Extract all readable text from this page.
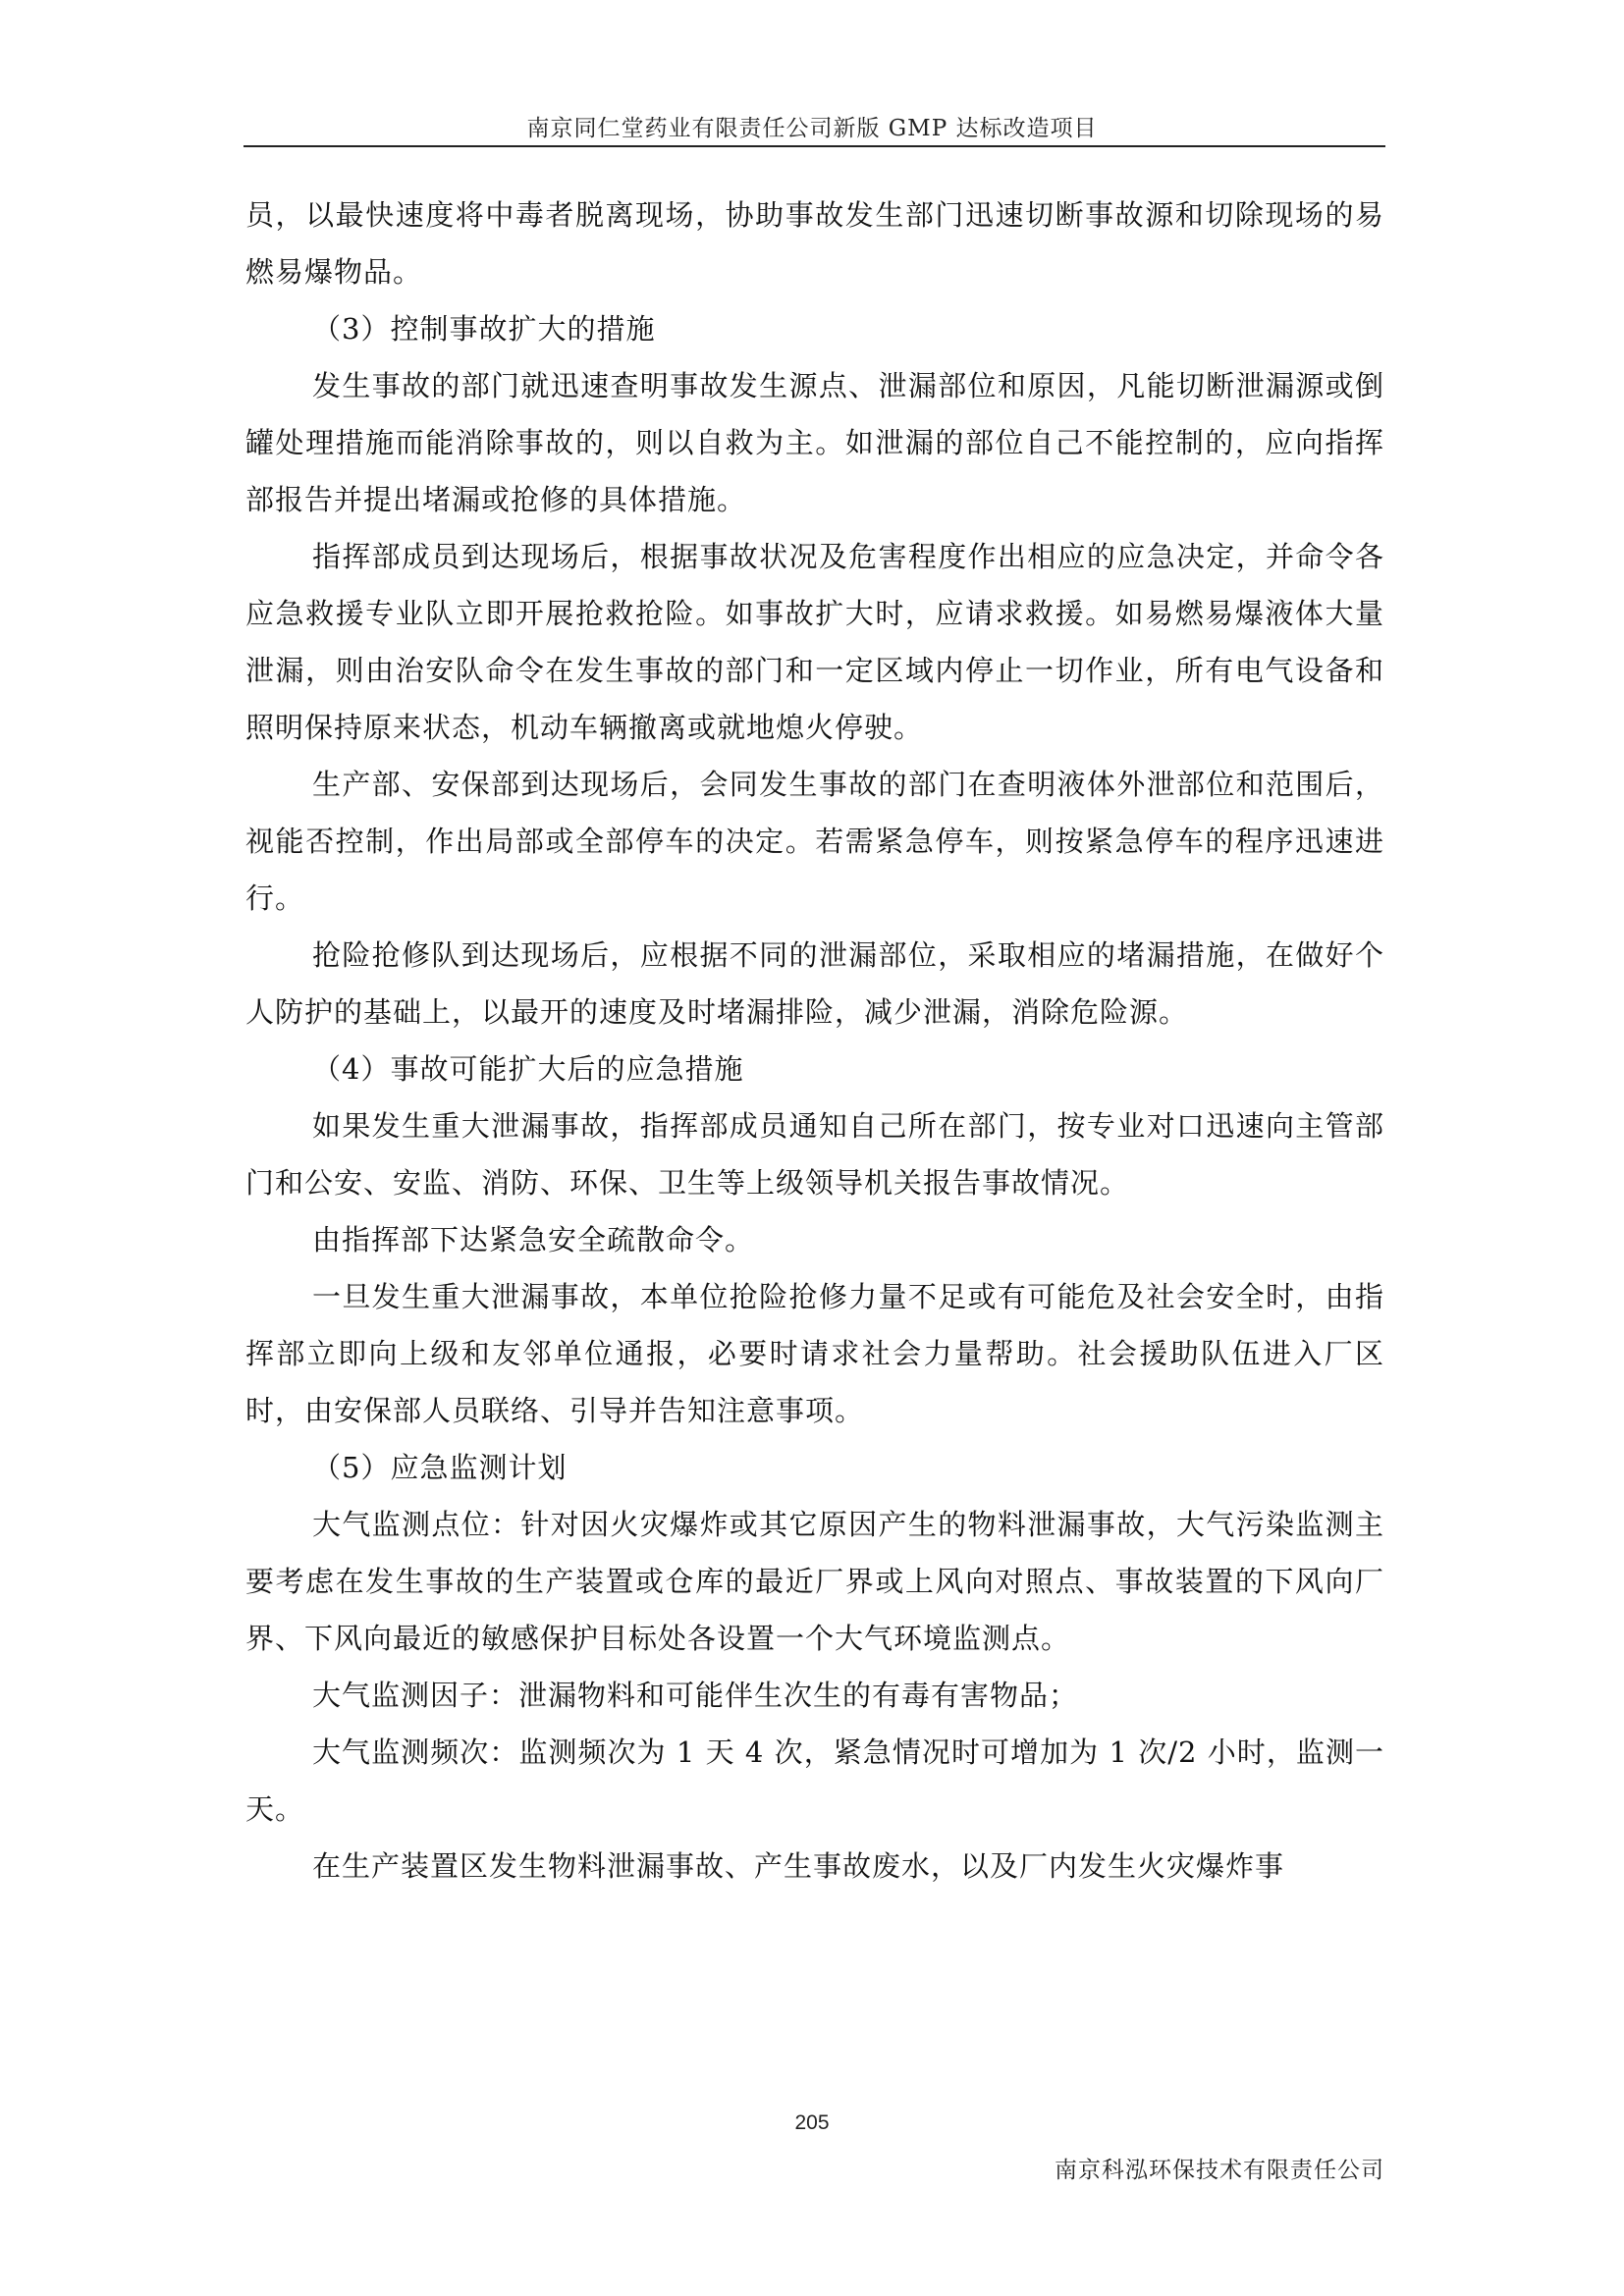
南京同仁堂药业有限责任公司新版 GMP 达标改造项目

员，以最快速度将中毒者脱离现场，协助事故发生部门迅速切断事故源和切除现场的易燃易爆物品。

（3）控制事故扩大的措施

发生事故的部门就迅速查明事故发生源点、泄漏部位和原因，凡能切断泄漏源或倒罐处理措施而能消除事故的，则以自救为主。如泄漏的部位自己不能控制的，应向指挥部报告并提出堵漏或抢修的具体措施。

指挥部成员到达现场后，根据事故状况及危害程度作出相应的应急决定，并命令各应急救援专业队立即开展抢救抢险。如事故扩大时，应请求救援。如易燃易爆液体大量泄漏，则由治安队命令在发生事故的部门和一定区域内停止一切作业，所有电气设备和照明保持原来状态，机动车辆撤离或就地熄火停驶。

生产部、安保部到达现场后，会同发生事故的部门在查明液体外泄部位和范围后，视能否控制，作出局部或全部停车的决定。若需紧急停车，则按紧急停车的程序迅速进行。

抢险抢修队到达现场后，应根据不同的泄漏部位，采取相应的堵漏措施，在做好个人防护的基础上，以最开的速度及时堵漏排险，减少泄漏，消除危险源。

（4）事故可能扩大后的应急措施

如果发生重大泄漏事故，指挥部成员通知自己所在部门，按专业对口迅速向主管部门和公安、安监、消防、环保、卫生等上级领导机关报告事故情况。

由指挥部下达紧急安全疏散命令。

一旦发生重大泄漏事故，本单位抢险抢修力量不足或有可能危及社会安全时，由指挥部立即向上级和友邻单位通报，必要时请求社会力量帮助。社会援助队伍进入厂区时，由安保部人员联络、引导并告知注意事项。

（5）应急监测计划

大气监测点位：针对因火灾爆炸或其它原因产生的物料泄漏事故，大气污染监测主要考虑在发生事故的生产装置或仓库的最近厂界或上风向对照点、事故装置的下风向厂界、下风向最近的敏感保护目标处各设置一个大气环境监测点。

大气监测因子：泄漏物料和可能伴生次生的有毒有害物品；

大气监测频次：监测频次为 1 天 4 次，紧急情况时可增加为 1 次/2 小时，监测一天。

在生产装置区发生物料泄漏事故、产生事故废水，以及厂内发生火灾爆炸事

205
南京科泓环保技术有限责任公司
